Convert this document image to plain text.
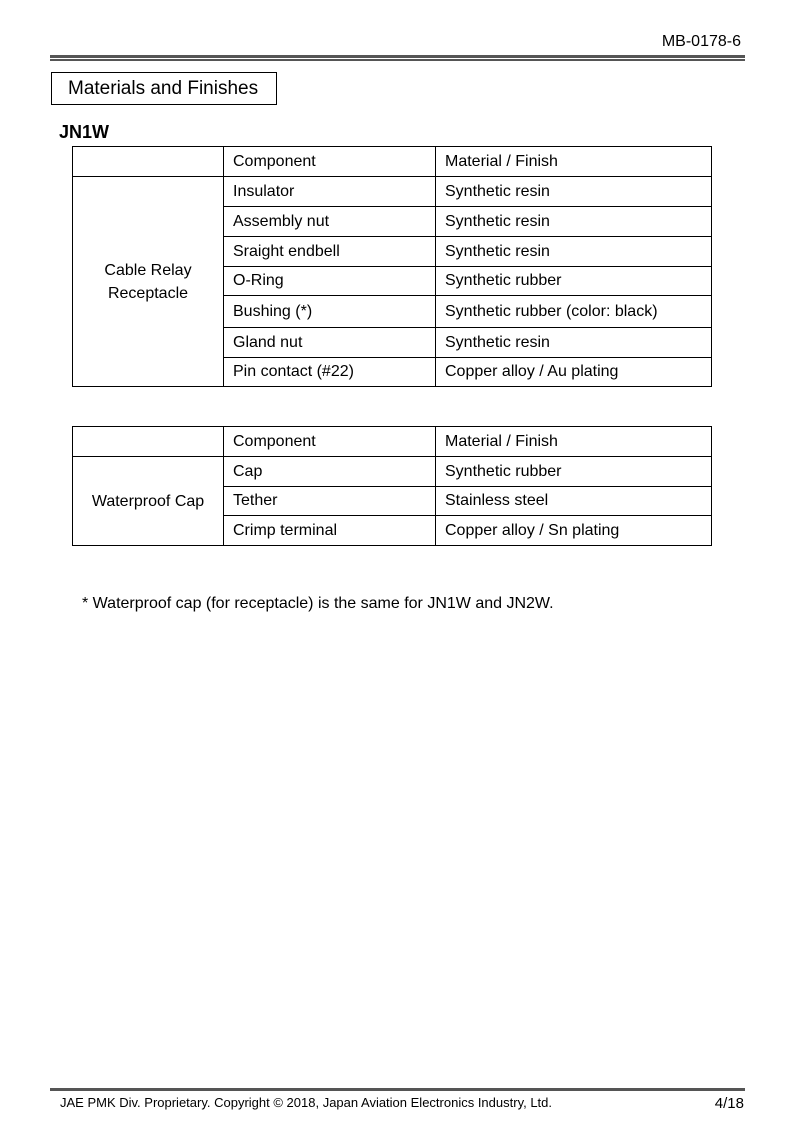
MB-0178-6
Materials and Finishes
JN1W
	Component	Material / Finish
Cable Relay Receptacle	Insulator	Synthetic resin
	Assembly nut	Synthetic resin
	Sraight endbell	Synthetic resin
	O-Ring	Synthetic rubber
	Bushing (*)	Synthetic rubber (color: black)
	Gland nut	Synthetic resin
	Pin contact (#22)	Copper alloy / Au plating
	Component	Material / Finish
Waterproof Cap	Cap	Synthetic rubber
	Tether	Stainless steel
	Crimp terminal	Copper alloy / Sn plating
* Waterproof cap (for receptacle) is the same for JN1W and JN2W.
JAE PMK Div. Proprietary. Copyright © 2018, Japan Aviation Electronics Industry, Ltd.	4/18
